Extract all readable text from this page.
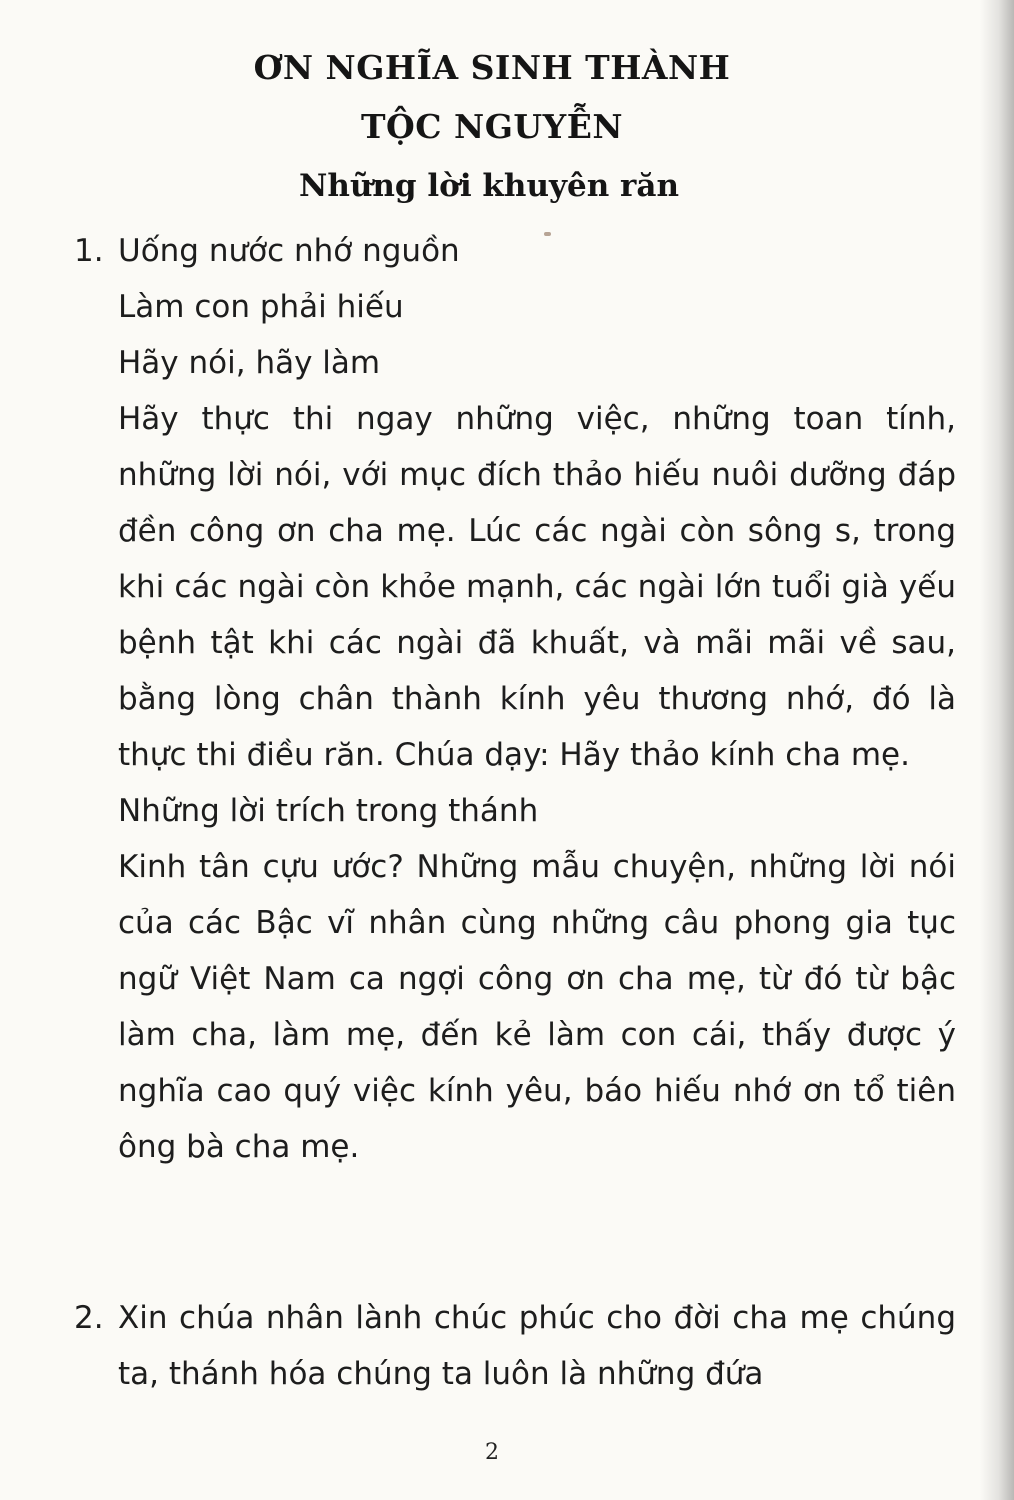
ƠN NGHĨA SINH THÀNH
TỘC NGUYỄN
Những lời khuyên răn
1. Uống nước nhớ nguồn
Làm con phải hiếu
Hãy nói, hãy làm
Hãy thực thi ngay những việc, những toan tính, những lời nói, với mục đích thảo hiếu nuôi dưỡng đáp đền công ơn cha mẹ. Lúc các ngài còn sông s, trong khi các ngài còn khỏe mạnh, các ngài lớn tuổi già yếu bệnh tật khi các ngài đã khuất, và mãi mãi về sau, bằng lòng chân thành kính yêu thương nhớ, đó là thực thi điều răn. Chúa dạy: Hãy thảo kính cha mẹ.
Những lời trích trong thánh
Kinh tân cựu ước? Những mẫu chuyện, những lời nói của các Bậc vĩ nhân cùng những câu phong gia tục ngữ Việt Nam ca ngợi công ơn cha mẹ, từ đó từ bậc làm cha, làm mẹ, đến kẻ làm con cái, thấy được ý nghĩa cao quý việc kính yêu, báo hiếu nhớ ơn tổ tiên ông bà cha mẹ.
2. Xin chúa nhân lành chúc phúc cho đời cha mẹ chúng ta, thánh hóa chúng ta luôn là những đứa
2
